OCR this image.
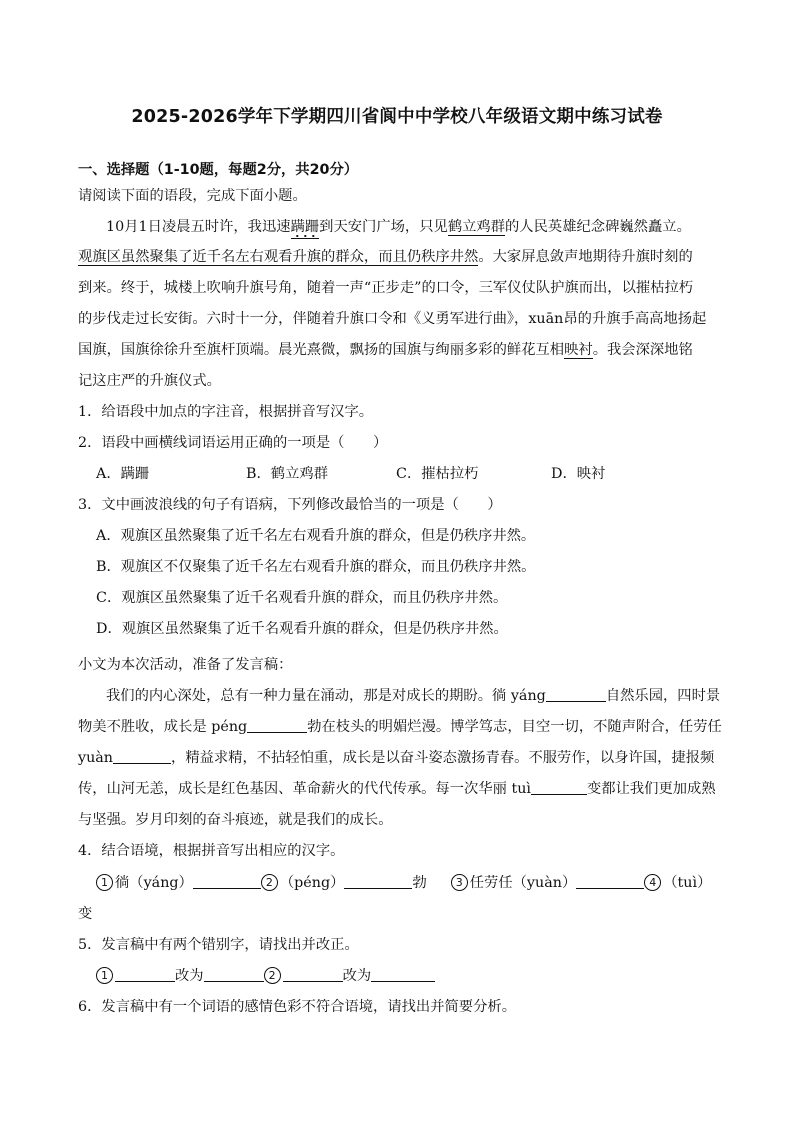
2025-2026学年下学期四川省阆中中学校八年级语文期中练习试卷
一、选择题（1-10题，每题2分，共20分）
请阅读下面的语段，完成下面小题。
10月1日凌晨五时许，我迅速蹒跚到天安门广场，只见鹤立鸡群的人民英雄纪念碑巍然矗立。
观旗区虽然聚集了近千名左右观看升旗的群众，而且仍秩序井然。大家屏息敛声地期待升旗时刻的
到来。终于，城楼上吹响升旗号角，随着一声“正步走”的口令，三军仪仗队护旗而出，以摧枯拉朽
的步伐走过长安街。六时十一分，伴随着升旗口令和《义勇军进行曲》，xuān昂的升旗手高高地扬起
国旗，国旗徐徐升至旗杆顶端。晨光熹微，飘扬的国旗与绚丽多彩的鲜花互相映衬。我会深深地铭
记这庄严的升旗仪式。
1．给语段中加点的字注音，根据拼音写汉字。
2．语段中画横线词语运用正确的一项是（　　）
A．蹒跚	B．鹤立鸡群	C．摧枯拉朽	D．映衬
3．文中画波浪线的句子有语病，下列修改最恰当的一项是（　　）
A．观旗区虽然聚集了近千名左右观看升旗的群众，但是仍秩序井然。
B．观旗区不仅聚集了近千名左右观看升旗的群众，而且仍秩序井然。
C．观旗区虽然聚集了近千名观看升旗的群众，而且仍秩序井然。
D．观旗区虽然聚集了近千名观看升旗的群众，但是仍秩序井然。
小文为本次活动，准备了发言稿：
我们的内心深处，总有一种力量在涌动，那是对成长的期盼。徜 yáng	自然乐园，四时景
物美不胜收，成长是 péng	勃在枝头的明媚烂漫。博学笃志，目空一切，不随声附合，任劳任
yuàn	，精益求精，不拈轻怕重，成长是以奋斗姿态激扬青春。不服劳作，以身许国，捷报频
传，山河无恙，成长是红色基因、革命薪火的代代传承。每一次华丽 tuì	变都让我们更加成熟
与坚强。岁月印刻的奋斗痕迹，就是我们的成长。
4．结合语境，根据拼音写出相应的汉字。
1 徜（yáng）	2 （péng）	勃	3 任劳任（yuàn）	4 （tuì）
变
5．发言稿中有两个错别字，请找出并改正。
1	改为	2	改为
6．发言稿中有一个词语的感情色彩不符合语境，请找出并简要分析。
